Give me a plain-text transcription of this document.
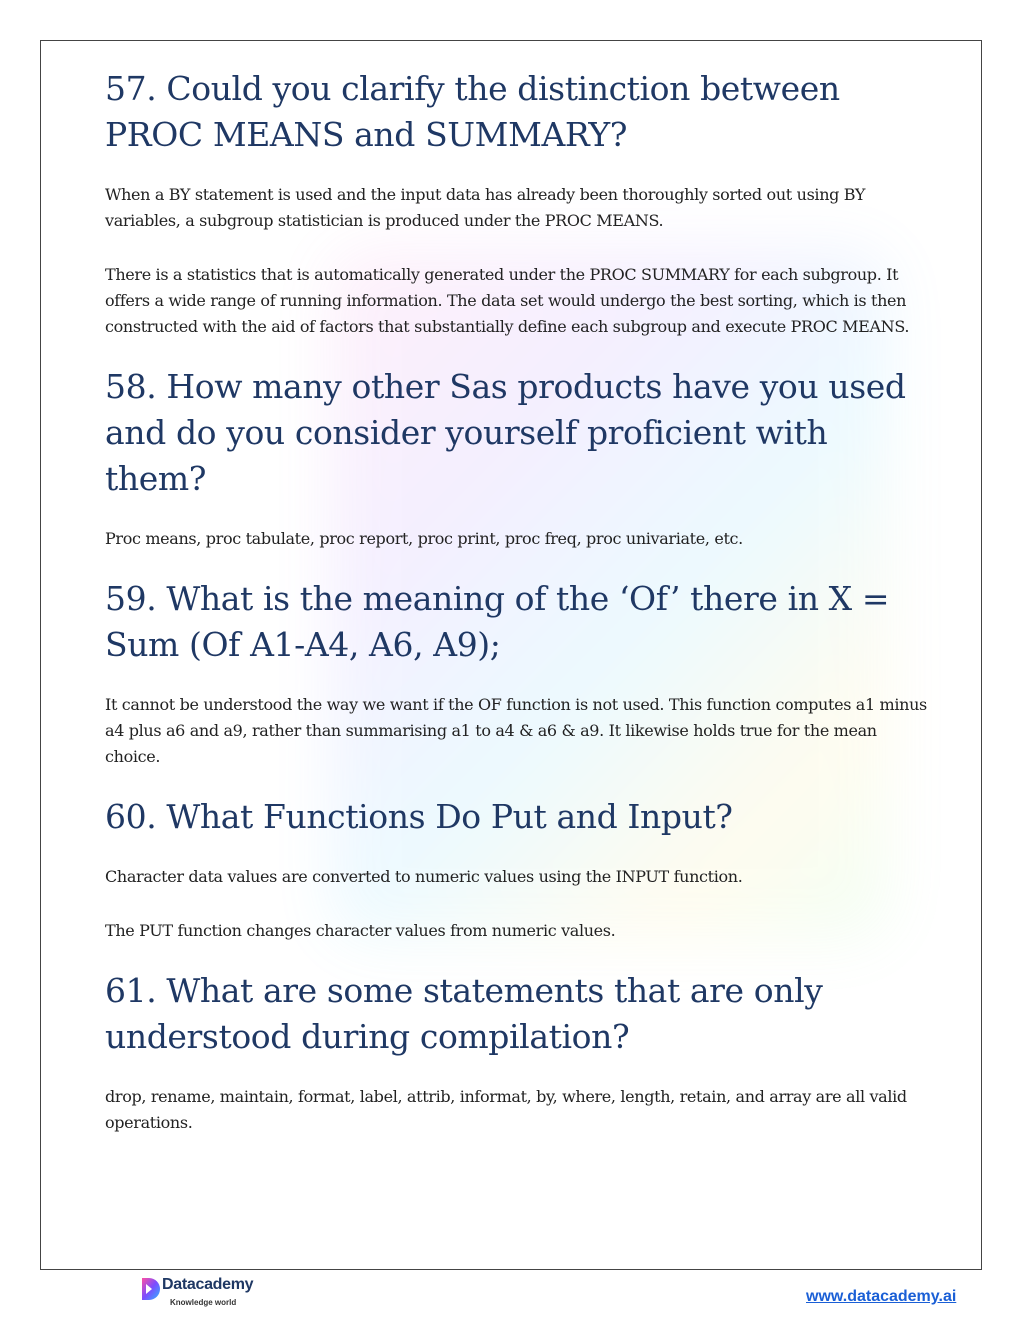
57. Could you clarify the distinction between PROC MEANS and SUMMARY?

When a BY statement is used and the input data has already been thoroughly sorted out using BY variables, a subgroup statistician is produced under the PROC MEANS.

There is a statistics that is automatically generated under the PROC SUMMARY for each subgroup. It offers a wide range of running information. The data set would undergo the best sorting, which is then constructed with the aid of factors that substantially define each subgroup and execute PROC MEANS.

58. How many other Sas products have you used and do you consider yourself proficient with them?

Proc means, proc tabulate, proc report, proc print, proc freq, proc univariate, etc.

59. What is the meaning of the ‘Of’ there in X = Sum (Of A1-A4, A6, A9);

It cannot be understood the way we want if the OF function is not used. This function computes a1 minus a4 plus a6 and a9, rather than summarising a1 to a4 & a6 & a9. It likewise holds true for the mean choice.

60. What Functions Do Put and Input?

Character data values are converted to numeric values using the INPUT function.

The PUT function changes character values from numeric values.

61. What are some statements that are only understood during compilation?

drop, rename, maintain, format, label, attrib, informat, by, where, length, retain, and array are all valid operations.

Datacademy
Knowledge world	www.datacademy.ai
